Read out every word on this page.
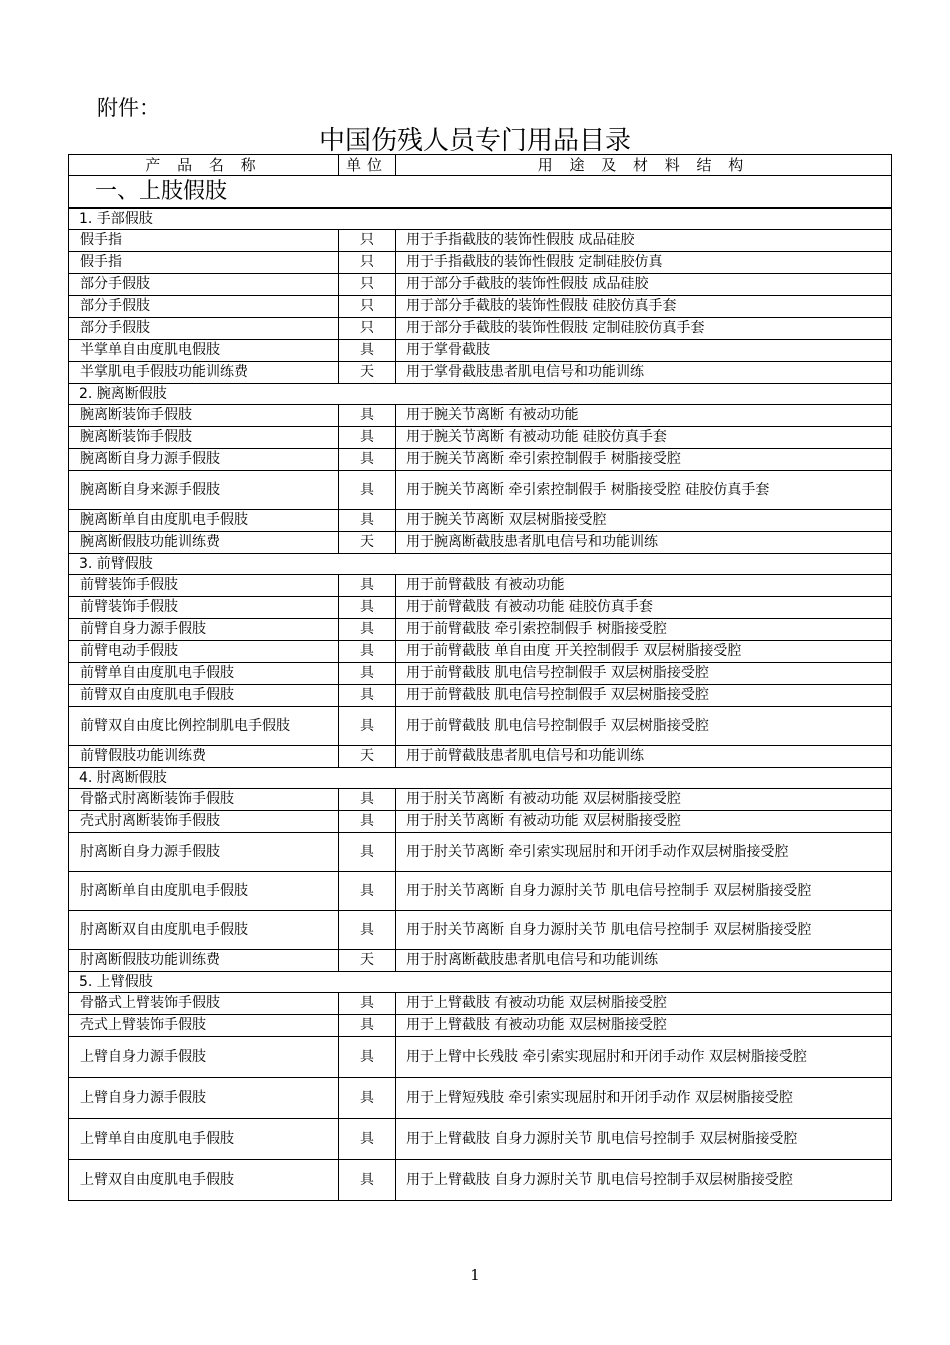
附件：
中国伤残人员专门用品目录
产 品 名 称	单位	用 途 及 材 料 结 构
一、上肢假肢		
1. 手部假肢		
假手指	只	用于手指截肢的装饰性假肢 成品硅胶
假手指	只	用于手指截肢的装饰性假肢 定制硅胶仿真
部分手假肢	只	用于部分手截肢的装饰性假肢 成品硅胶
部分手假肢	只	用于部分手截肢的装饰性假肢 硅胶仿真手套
部分手假肢	只	用于部分手截肢的装饰性假肢 定制硅胶仿真手套
半掌单自由度肌电假肢	具	用于掌骨截肢
半掌肌电手假肢功能训练费	天	用于掌骨截肢患者肌电信号和功能训练
2. 腕离断假肢		
腕离断装饰手假肢	具	用于腕关节离断 有被动功能
腕离断装饰手假肢	具	用于腕关节离断 有被动功能 硅胶仿真手套
腕离断自身力源手假肢	具	用于腕关节离断 牵引索控制假手 树脂接受腔
腕离断自身来源手假肢	具	用于腕关节离断 牵引索控制假手 树脂接受腔 硅胶仿真手套
腕离断单自由度肌电手假肢	具	用于腕关节离断 双层树脂接受腔
腕离断假肢功能训练费	天	用于腕离断截肢患者肌电信号和功能训练
3. 前臂假肢		
前臂装饰手假肢	具	用于前臂截肢 有被动功能
前臂装饰手假肢	具	用于前臂截肢 有被动功能 硅胶仿真手套
前臂自身力源手假肢	具	用于前臂截肢 牵引索控制假手 树脂接受腔
前臂电动手假肢	具	用于前臂截肢 单自由度 开关控制假手 双层树脂接受腔
前臂单自由度肌电手假肢	具	用于前臂截肢 肌电信号控制假手 双层树脂接受腔
前臂双自由度肌电手假肢	具	用于前臂截肢 肌电信号控制假手 双层树脂接受腔
前臂双自由度比例控制肌电手假肢	具	用于前臂截肢 肌电信号控制假手 双层树脂接受腔
前臂假肢功能训练费	天	用于前臂截肢患者肌电信号和功能训练
4. 肘离断假肢		
骨骼式肘离断装饰手假肢	具	用于肘关节离断 有被动功能 双层树脂接受腔
壳式肘离断装饰手假肢	具	用于肘关节离断 有被动功能 双层树脂接受腔
肘离断自身力源手假肢	具	用于肘关节离断 牵引索实现屈肘和开闭手动作双层树脂接受腔
肘离断单自由度肌电手假肢	具	用于肘关节离断 自身力源肘关节 肌电信号控制手 双层树脂接受腔
肘离断双自由度肌电手假肢	具	用于肘关节离断 自身力源肘关节 肌电信号控制手 双层树脂接受腔
肘离断假肢功能训练费	天	用于肘离断截肢患者肌电信号和功能训练
5. 上臂假肢		
骨骼式上臂装饰手假肢	具	用于上臂截肢 有被动功能 双层树脂接受腔
壳式上臂装饰手假肢	具	用于上臂截肢 有被动功能 双层树脂接受腔
上臂自身力源手假肢	具	用于上臂中长残肢 牵引索实现屈肘和开闭手动作 双层树脂接受腔
上臂自身力源手假肢	具	用于上臂短残肢 牵引索实现屈肘和开闭手动作 双层树脂接受腔
上臂单自由度肌电手假肢	具	用于上臂截肢 自身力源肘关节 肌电信号控制手 双层树脂接受腔
上臂双自由度肌电手假肢	具	用于上臂截肢 自身力源肘关节 肌电信号控制手双层树脂接受腔
1
